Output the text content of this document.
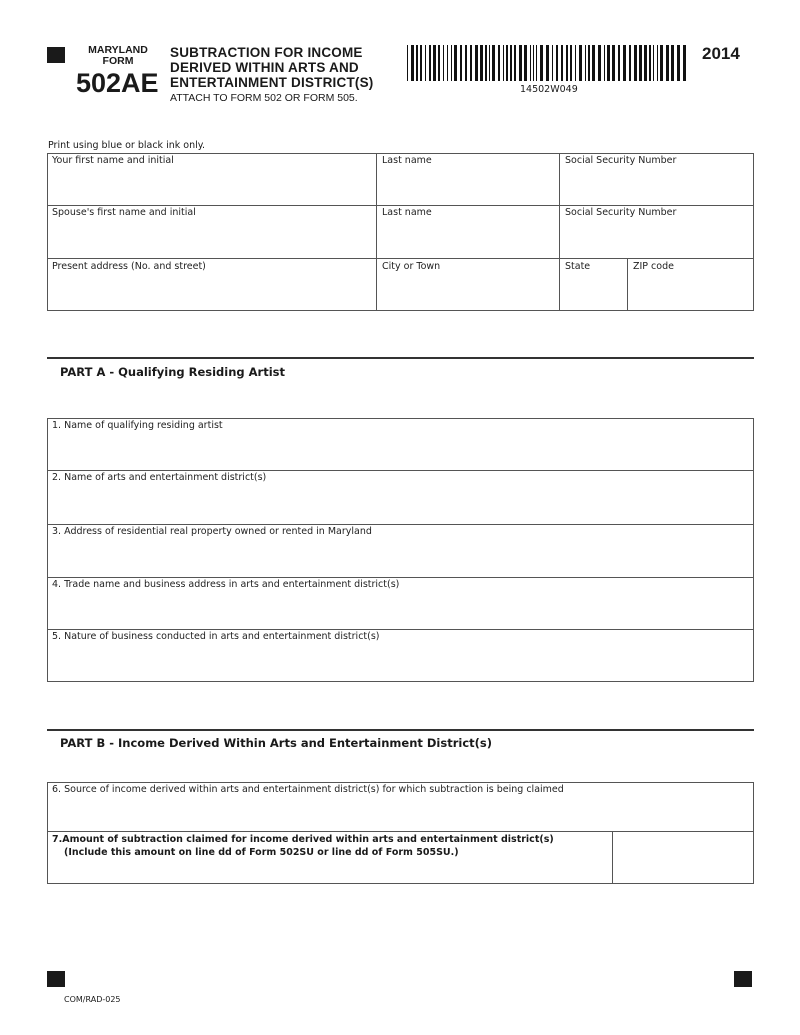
MARYLAND
FORM
502AE
SUBTRACTION FOR INCOME
DERIVED WITHIN ARTS AND
ENTERTAINMENT DISTRICT(S)
ATTACH TO FORM 502 OR FORM 505.
14502W049
2014
Print using blue or black ink only.
Your first name and initial	Last name	Social Security Number
Spouse's first name and initial	Last name	Social Security Number
Present address (No. and street)	City or Town	State	ZIP code
PART A - Qualifying Residing Artist
1. Name of qualifying residing artist
2. Name of arts and entertainment district(s)
3. Address of residential real property owned or rented in Maryland
4. Trade name and business address in arts and entertainment district(s)
5. Nature of business conducted in arts and entertainment district(s)
PART B - Income Derived Within Arts and Entertainment District(s)
6. Source of income derived within arts and entertainment district(s) for which subtraction is being claimed
7.Amount of subtraction claimed for income derived within arts and entertainment district(s)
(Include this amount on line dd of Form 502SU or line dd of Form 505SU.)
COM/RAD-025
